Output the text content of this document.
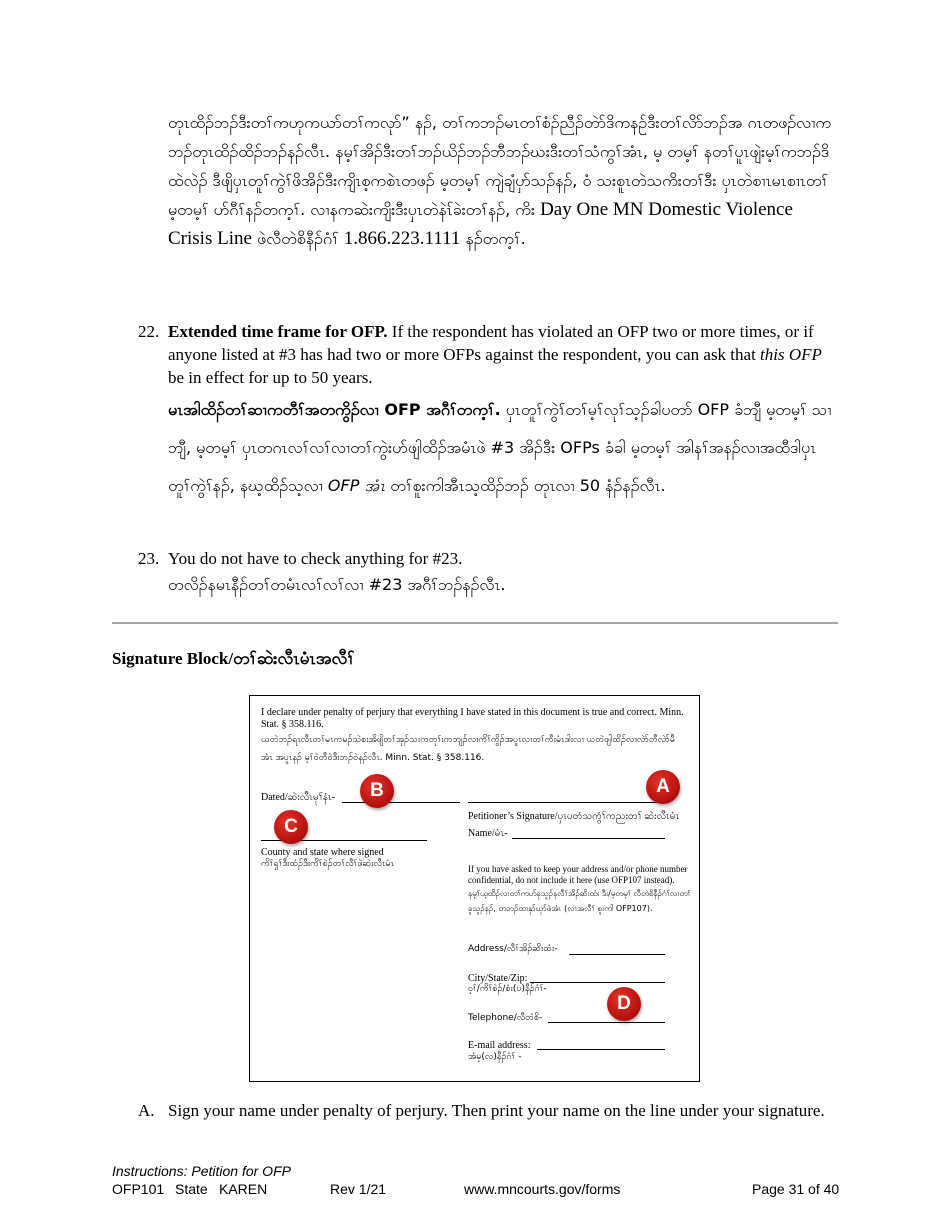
တုၤထိၣ်ဘၣ်ဒီးတၢ်ကဟုကယာ်တၢ်ကလုာ်” နၣ်, တၢ်ကဘၣ်မၤတၢ်စံၣ်ညီၣ်တဲာ်ဒိကနဉ်ဒီးတၢ်လိာ်ဘၣ်အ ဂၤတဖၣ်လၢကဘၣ်တုၤထိၣ်ထိၣ်ဘၣ်နၣ်လီၤ. နမ့ၢ်အိၣ်ဒီးတၢ်ဘၣ်ယိၣ်ဘၣ်ဘီဘၣ်ဃးဒီးတၢ်သံကွၢ်အံၤ, မ့ တမ့ၢ် နတၢ်ပူၤဖျဲးမ့ၢ်ကဘၣ်ဒိထဲလဲၣ် ဒီဖျိပှၤတူၢ်ကွဲၢ်ဖိအိၣ်ဒီးကျိၤစ့ကစဲၤတဖၣ် မ့တမ့ၢ် ကျဲချံပှာ်သၣ်နၣ်, ဝံ သးစူၤတဲသကိးတၢ်ဒီး ပှၤတဲစၢၤမၤစၢၤတၢ် မ့တမ့ၢ် ဟ်ဂီၢ်နၣ်တက့ၢ်. လၢနကဆဲးကျိးဒီးပှၤတဲနဲၤ်ခဲးတၢ်နၣ်, ကိး Day One MN Domestic Violence Crisis Line ဖဲလီတဲစိနီၣ်ဂံၢ် 1.866.223.1111 နၣ်တက့ၢ်.
22. Extended time frame for OFP. If the respondent has violated an OFP two or more times, or if anyone listed at #3 has had two or more OFPs against the respondent, you can ask that this OFP be in effect for up to 50 years.
မၤအါထိၣ်တၢ်ဆၢကတီၢ်အတကွိၣ်လၢ OFP အဂီၢ်တက့ၢ်. ပှၤတူၢ်ကွဲၢ်တၢ်မ့ၢ်လုၢ်သ့ၣ်ခါပတာ် OFP ခံဘျီ မ့တမ့ၢ် သၢဘျီ, မ့တမ့ၢ် ပှၤတဂၤလၢ်လၢ်လၢတၢ်ကွဲးဟ်ဖျါထိၣ်အမံၤဖဲ #3 အိၣ်ဒီး OFPs ခံခါ မ့တမ့ၢ် အါနၢ်အနၣ်လၢအထီဒါပှၤတူၢ်ကွဲၢ်နၣ်, နဃ့ထိၣ်သ့လၢ OFP အံၤ တၢ်စူးကါအီၤသ့ထိၣ်ဘၣ် တုၤလၢ 50 နံၣ်နၣ်လီၤ.
23. You do not have to check anything for #23.
တလိၣ်နမၤနီၣ်တၢ်တမံၤလၢ်လၢ်လၢ #23 အဂီၢ်ဘၣ်နၣ်လီၤ.
Signature Block/တၢ်ဆဲးလီၤမံၤအလီၢ်
I declare under penalty of perjury that everything I have stated in this document is true and correct. Minn. Stat. § 358.116.
ယတဲဘၣ်ရၤလီၤတၢ်မၤကမၣ်သဲစးအိဖျိတၢ်အုၣ်သးကတုၢ်းကဘျၣ်လၢကိၢ်ကွိၣ်အပူၤလၢတၢ်ကီးမံၤဒါးလၢ ယတဲဖျါထိၣ်လၢလဲာ်တီလဲာ်မီအံၤ အပူၤနၣ် မ့ၢ်ဝဲတီဝဲဒီးဘၣ်ဝဲနၣ်လီၤ. Minn. Stat. § 358.116.
Dated/ဆဲးလီၤမုၢ်နံၤ-
Petitioner’s Signature/ပှၤပတံသကွံၢ်ကညးတၢ် ဆဲးလီၤမံၤ
Name/မံၤ-
County and state where signed
ကိၢ်ရှၢ်ဒီးထံၣ်ဒီးကိၢ်စဲၣ်တၢ်လီၢ်ဖဲဆဲးလီၤမံၤ	If you have asked to keep your address and/or phone number confidential, do not include it here (use OFP107 instead).
နမ့ၢ်ယ့ထိၣ်လၢတၢ်ကဟ်ခုသူၣ်နလီၢ်အိၣ်ဆိးထံး ဒီး/မ့တမ့ၢ် လီတဲစိနီၣ်ဂံၢ်လၢတၢ်ခူသူၣ်နၣ်, တဘၣ်ထၢနုာ်ဃုာ်ဖဲအံၤ (လၢအလီၢ် စူးကါ OFP107).
Address/လီၢ်အိၣ်ဆိးထံး-
City/State/Zip:
ဝ့ၢ်/ကိၢ်စဲၣ်/စံး(ပ)နီၣ်ဂံၢ်-
Telephone/လီတဲစိ-
E-mail address:
အံမ့(လ)နီၣ်ဂံၢ် -
A
B
C
D
A. Sign your name under penalty of perjury. Then print your name on the line under your signature.
Instructions: Petition for OFP
OFP101 State KAREN	Rev 1/21	www.mncourts.gov/forms	Page 31 of 40
